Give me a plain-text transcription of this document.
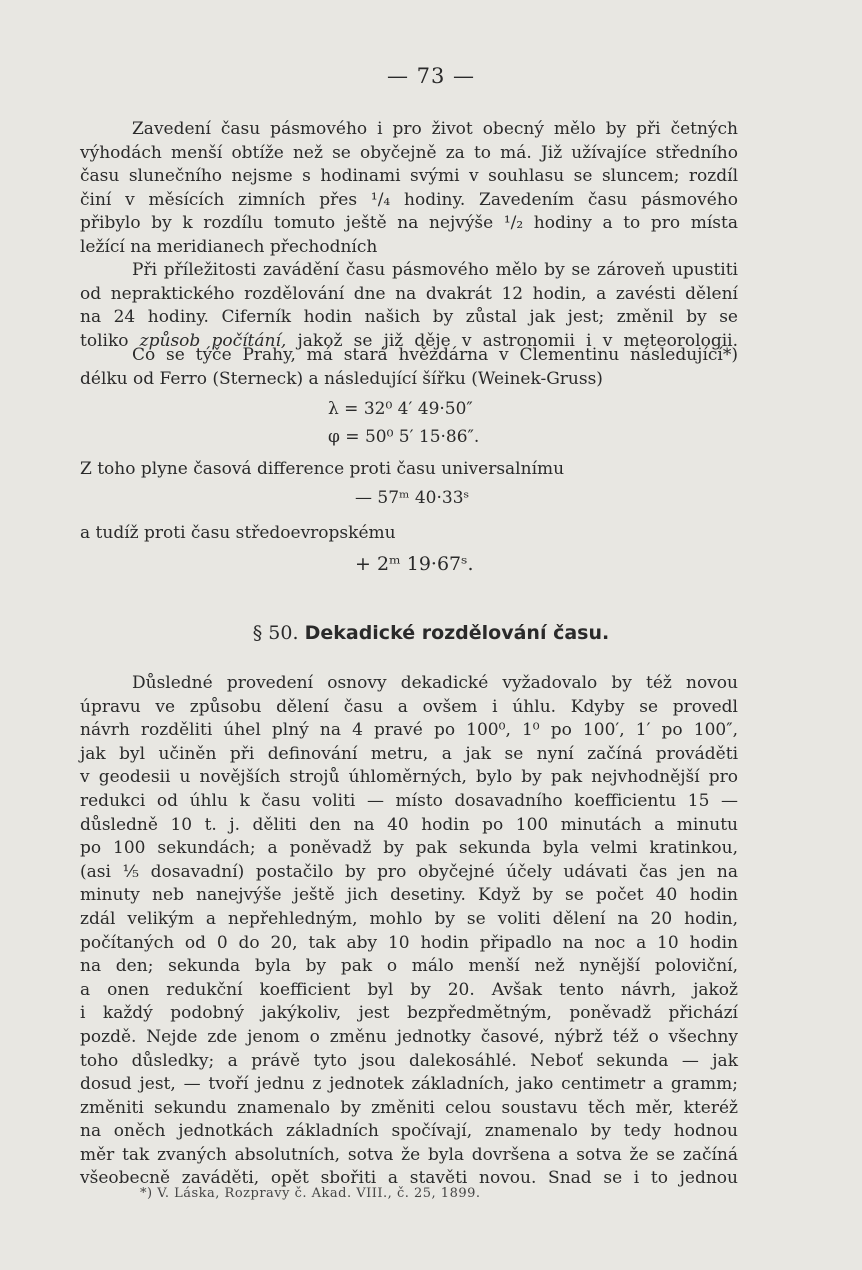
— 73 —
Zavedení času pásmového i pro život obecný mělo by při četných
výhodách menší obtíže než se obyčejně za to má. Již užívajíce středního
času slunečního nejsme s hodinami svými v souhlasu se sluncem; rozdíl
činí v měsících zimních přes ¹/₄ hodiny. Zavedením času pásmového
přibylo by k rozdílu tomuto ještě na nejvýše ¹/₂ hodiny a to pro místa
ležící na meridianech přechodních
Při příležitosti zavádění času pásmového mělo by se zároveň upustiti
od nepraktického rozdělování dne na dvakrát 12 hodin, a zavésti dělení
na 24 hodiny. Ciferník hodin našich by zůstal jak jest; změnil by se
toliko způsob počítání, jakož se již děje v astronomii i v meteorologii.
Co se týče Prahy, má stará hvězdárna v Clementinu následující*)
délku od Ferro (Sterneck) a následující šířku (Weinek-Gruss)
λ = 32⁰ 4′ 49·50″
φ = 50⁰ 5′ 15·86″.
Z toho plyne časová difference proti času universalnímu
— 57ᵐ 40·33ˢ
a tudíž proti času středoevropskému
+ 2ᵐ 19·67ˢ.
§ 50. Dekadické rozdělování času.
Důsledné provedení osnovy dekadické vyžadovalo by též novou
úpravu ve způsobu dělení času a ovšem i úhlu. Kdyby se provedl
návrh rozděliti úhel plný na 4 pravé po 100⁰, 1⁰ po 100′, 1′ po 100″,
jak byl učiněn při definování metru, a jak se nyní začíná prováděti
v geodesii u novějších strojů úhloměrných, bylo by pak nejvhodnější pro
redukci od úhlu k času voliti — místo dosavadního koefficientu 15 —
důsledně 10 t. j. děliti den na 40 hodin po 100 minutách a minutu
po 100 sekundách; a poněvadž by pak sekunda byla velmi kratinkou,
(asi ⅕ dosavadní) postačilo by pro obyčejné účely udávati čas jen na
minuty neb nanejvýše ještě jich desetiny. Když by se počet 40 hodin
zdál velikým a nepřehledným, mohlo by se voliti dělení na 20 hodin,
počítaných od 0 do 20, tak aby 10 hodin připadlo na noc a 10 hodin
na den; sekunda byla by pak o málo menší než nynější poloviční,
a onen redukční koefficient byl by 20. Avšak tento návrh, jakož
i každý podobný jakýkoliv, jest bezpředmětným, poněvadž přichází
pozdě. Nejde zde jenom o změnu jednotky časové, nýbrž též o všechny
toho důsledky; a právě tyto jsou dalekosáhlé. Neboť sekunda — jak
dosud jest, — tvoří jednu z jednotek základních, jako centimetr a gramm;
změniti sekundu znamenalo by změniti celou soustavu těch měr, kteréž
na oněch jednotkách základních spočívají, znamenalo by tedy hodnou
měr tak zvaných absolutních, sotva že byla dovršena a sotva že se začíná
všeobecně zaváděti, opět sbořiti a stavěti novou. Snad se i to jednou
*) V. Láska, Rozpravy č. Akad. VIII., č. 25, 1899.
